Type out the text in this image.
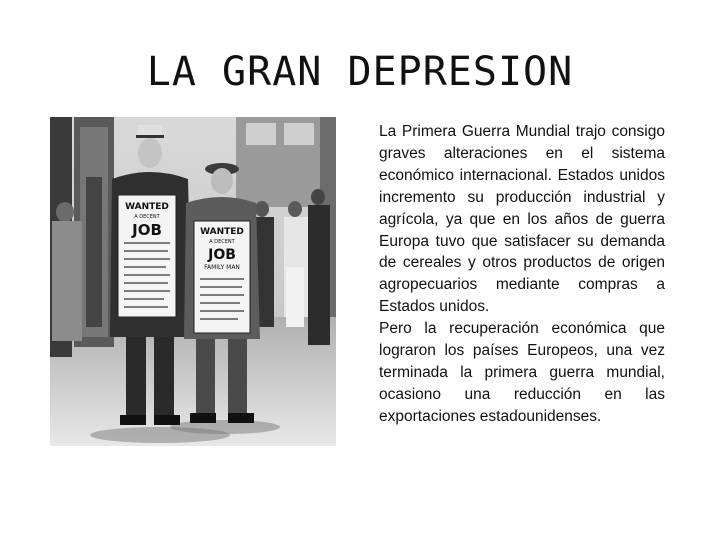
LA GRAN DEPRESION
WANTED
A DECENT
JOB	WANTED
A DECENT
JOB
FAMILY MAN

La Primera Guerra Mundial trajo consigo graves alteraciones en el sistema económico internacional. Estados unidos incremento su producción industrial y agrícola, ya que en los años de guerra Europa tuvo que satisfacer su demanda de cereales y otros productos de origen agropecuarios mediante compras a Estados unidos.

Pero la recuperación económica que lograron los países Europeos, una vez terminada la primera guerra mundial, ocasiono una reducción en las exportaciones estadounidenses.
